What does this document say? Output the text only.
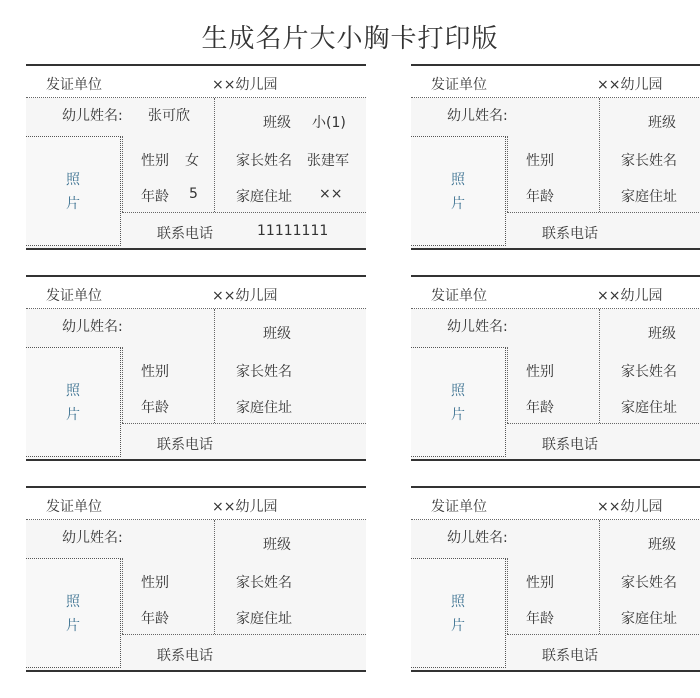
生成名片大小胸卡打印版
发证单位	××幼儿园
幼儿姓名: 张可欣	班级 小(1)
性别 女	家长姓名 张建军
年龄 5	家庭住址 ××
联系电话	11111111
照
片
发证单位	××幼儿园
幼儿姓名:	班级
性别	家长姓名
年龄	家庭住址
联系电话
照
片
发证单位	××幼儿园
幼儿姓名:	班级
性别	家长姓名
年龄	家庭住址
联系电话
照
片
发证单位	××幼儿园
幼儿姓名:	班级
性别	家长姓名
年龄	家庭住址
联系电话
照
片
发证单位	××幼儿园
幼儿姓名:	班级
性别	家长姓名
年龄	家庭住址
联系电话
照
片
发证单位	××幼儿园
幼儿姓名:	班级
性别	家长姓名
年龄	家庭住址
联系电话
照
片
